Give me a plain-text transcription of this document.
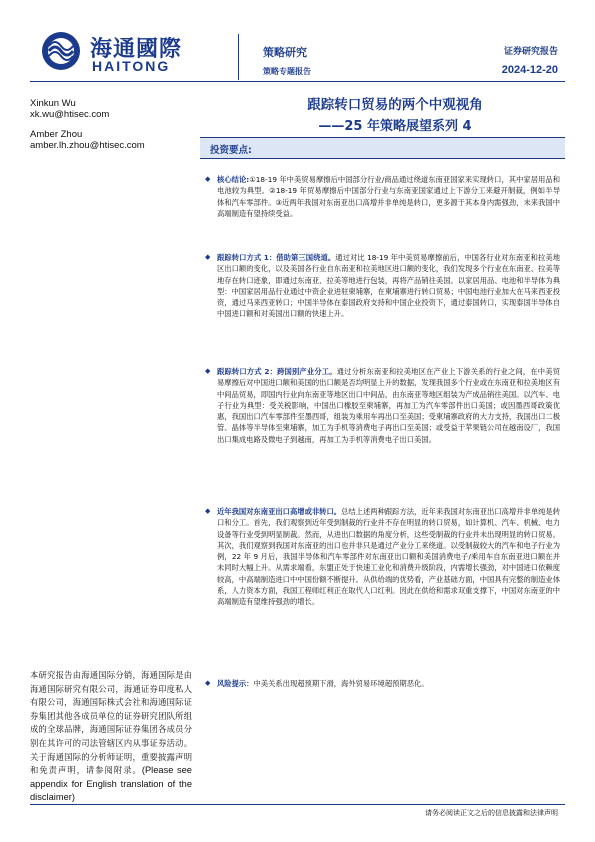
海通國際
HAITONG
策略研究
策略专题报告
证券研究报告
2024-12-20
Xinkun Wu
xk.wu@htisec.com
Amber Zhou
amber.lh.zhou@htisec.com
跟踪转口贸易的两个中观视角
——25 年策略展望系列 4
投资要点:
◆ 核心结论:①18-19 年中美贸易摩擦后中国部分行业/商品通过绕道东南亚国家来实现转口，其中家居用品和电池较为典型。②18-19 年贸易摩擦后中国部分行业与东南亚国家通过上下游分工来避开制裁，例如半导体和汽车零部件。③近两年我国对东南亚出口高增并非单纯是转口，更多源于其本身内需强劲，未来我国中高端制造有望持续受益。
◆ 跟踪转口方式 1：借助第三国绕道。通过对比 18-19 年中美贸易摩擦前后，中国各行业对东南亚和拉美地区出口额的变化，以及美国各行业自东南亚和拉美地区进口额的变化，我们发现多个行业在东南亚、拉美等地存在转口迹象，即通过东南亚、拉美等地进行包装，再将产品销往美国。以家居用品、电池和半导体为典型：中国家居用品行业通过中资企业进驻柬埔寨，在柬埔寨进行转口贸易；中国电池行业加大在马来西亚投资，通过马来西亚转口；中国半导体在泰国政府支持和中国企业投资下，通过泰国转口，实现泰国半导体自中国进口额和对美国出口额的快速上升。
◆ 跟踪转口方式 2：跨国别产业分工。通过分析东南亚和拉美地区在产业上下游关系的行业之间，在中美贸易摩擦后对中国进口额和美国的出口额是否均明显上升的数据，发现我国多个行业或在东南亚和拉美地区有中间品贸易，即国内行业向东南亚等地区出口中间品，由东南亚等地区组装为产成品销往美国。以汽车、电子行业为典型：受关税影响，中国出口橡胶至柬埔寨，再加工为汽车零部件出口美国；或因墨西哥政策优惠，我国出口汽车零部件至墨西哥，组装为乘用车再出口至美国；受柬埔寨政府的大力支持，我国出口二极管、晶体等半导体至柬埔寨，加工为手机等消费电子再出口至美国；或受益于苹果链公司在越南设厂，我国出口集成电路及微电子到越南，再加工为手机等消费电子出口美国。
◆ 近年我国对东南亚出口高增或非转口。总结上述两种跟踪方法，近年来我国对东南亚出口高增并非单纯是转口和分工。首先，我们观察到近年受到制裁的行业并不存在明显的转口贸易，如计算机、汽车、机械、电力设备等行业受到明显制裁。然而，从进出口数据的角度分析，这些受制裁的行业并未出现明显的转口贸易。其次，我们观察到我国对东南亚的出口也并非只是通过产业分工来绕道。以受制裁较大的汽车和电子行业为例，22 年 9 月后，我国半导体和汽车零部件对东南亚出口额和美国消费电子/乘用车自东南亚进口额在并未同时大幅上升。从需求端看，东盟正处于快速工业化和消费升级阶段，内需增长强劲，对中国进口依赖度较高，中高端制造进口中中国份额不断提升。从供给端的优势看，产业基础方面，中国具有完整的制造业体系，人力资本方面，我国工程师红利正在取代人口红利。因此在供给和需求双重支撑下，中国对东南亚的中高端制造有望维持强劲的增长。
◆ 风险提示：中美关系出现超预期下滑，海外贸易环境超预期恶化。
本研究报告由海通国际分销，海通国际是由海通国际研究有限公司，海通证券印度私人有限公司，海通国际株式会社和海通国际证券集团其他各成员单位的证券研究团队所组成的全球品牌，海通国际证券集团各成员分别在其许可的司法管辖区内从事证券活动。关于海通国际的分析师证明，重要披露声明和免责声明，请参阅附录。(Please see appendix for English translation of the disclaimer)
请务必阅读正文之后的信息披露和法律声明
